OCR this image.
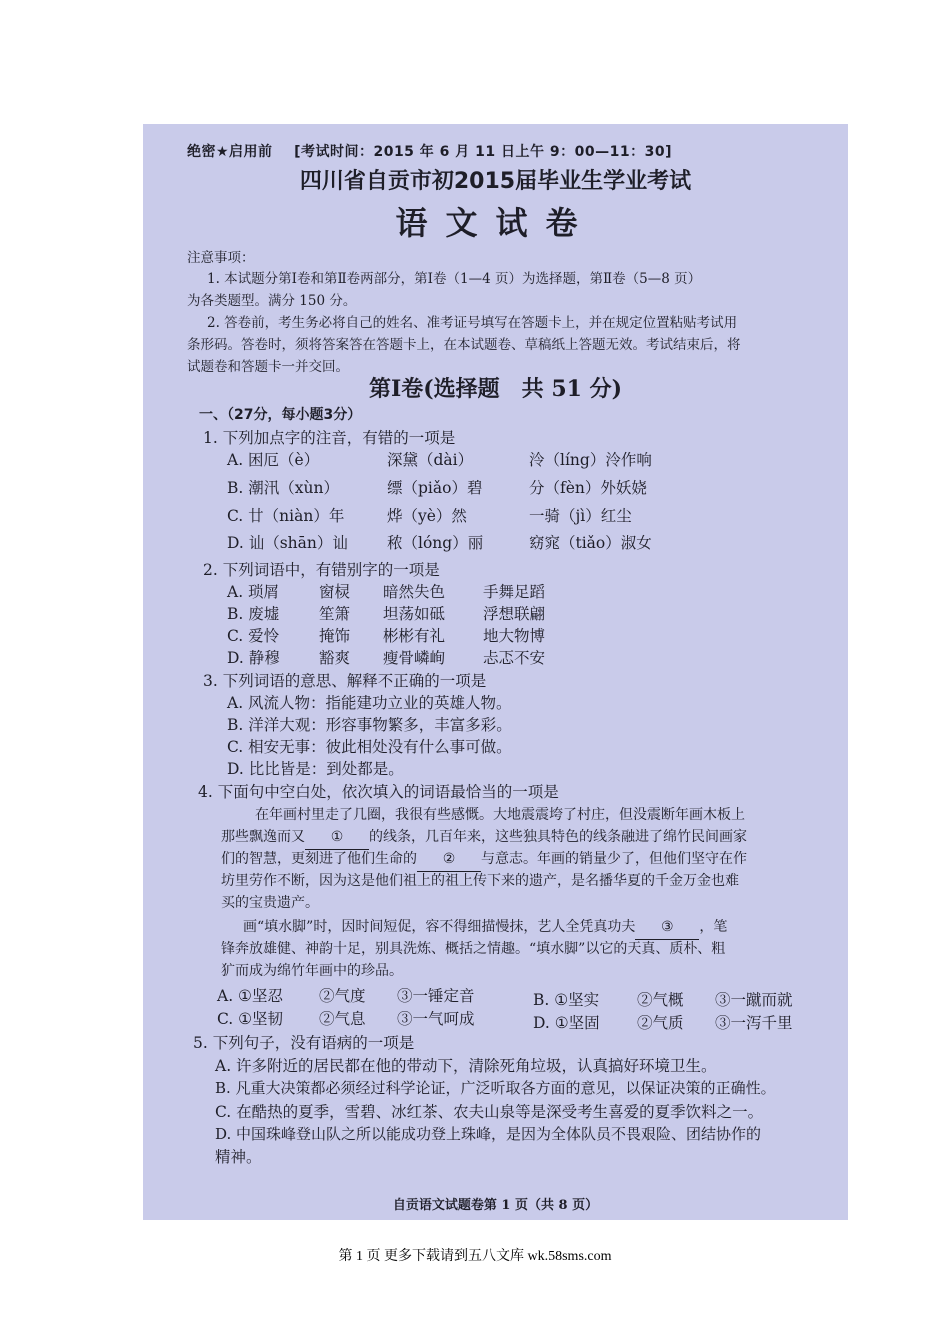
绝密★启用前 [考试时间：2015 年 6 月 11 日上午 9：00—11：30]
四川省自贡市初2015届毕业生学业考试
语文试卷
注意事项：
1. 本试题分第Ⅰ卷和第Ⅱ卷两部分，第Ⅰ卷（1—4 页）为选择题，第Ⅱ卷（5—8 页）
为各类题型。满分 150 分。
2. 答卷前，考生务必将自己的姓名、准考证号填写在答题卡上，并在规定位置粘贴考试用
条形码。答卷时，须将答案答在答题卡上，在本试题卷、草稿纸上答题无效。考试结束后，将
试题卷和答题卡一并交回。
第Ⅰ卷(选择题　共 51 分)
一、（27分，每小题3分）
1. 下列加点字的注音，有错的一项是
A. 困厄（è）	深黛（dài）	泠（líng）泠作响
B. 潮汛（xùn）	缥（piǎo）碧	分（fèn）外妖娆
C. 廿（niàn）年	烨（yè）然	一骑（jì）红尘
D. 讪（shān）讪	秾（lóng）丽	窈窕（tiǎo）淑女
2. 下列词语中，有错别字的一项是
A. 琐屑	窗棂 暗然失色 手舞足蹈
B. 废墟	笙箫 坦荡如砥 浮想联翩
C. 爱怜	掩饰 彬彬有礼 地大物博
D. 静穆	豁爽 瘦骨嶙峋 忐忑不安
3. 下列词语的意思、解释不正确的一项是
A. 风流人物：指能建功立业的英雄人物。
B. 洋洋大观：形容事物繁多，丰富多彩。
C. 相安无事：彼此相处没有什么事可做。
D. 比比皆是：到处都是。
4. 下面句中空白处，依次填入的词语最恰当的一项是
在年画村里走了几圈，我很有些感慨。大地震震垮了村庄，但没震断年画木板上
那些飘逸而又 ① 的线条，几百年来，这些独具特色的线条融进了绵竹民间画家
们的智慧，更刻进了他们生命的 ② 与意志。年画的销量少了，但他们坚守在作
坊里劳作不断，因为这是他们祖上的祖上传下来的遗产，是名播华夏的千金万金也难
买的宝贵遗产。
画“填水脚”时，因时间短促，容不得细描慢抹，艺人全凭真功夫 ③ ，笔
锋奔放雄健、神韵十足，别具洗炼、概括之情趣。“填水脚”以它的天真、质朴、粗
犷而成为绵竹年画中的珍品。
A. ①坚忍 ②气度 ③一锤定音	B. ①坚实 ②气概 ③一蹴而就
C. ①坚韧 ②气息 ③一气呵成	D. ①坚固 ②气质 ③一泻千里
5. 下列句子，没有语病的一项是
A. 许多附近的居民都在他的带动下，清除死角垃圾，认真搞好环境卫生。
B. 凡重大决策都必须经过科学论证，广泛听取各方面的意见，以保证决策的正确性。
C. 在酷热的夏季，雪碧、冰红茶、农夫山泉等是深受考生喜爱的夏季饮料之一。
D. 中国珠峰登山队之所以能成功登上珠峰，是因为全体队员不畏艰险、团结协作的
精神。
自贡语文试题卷第 1 页（共 8 页）
第 1 页 更多下载请到五八文库 wk.58sms.com
